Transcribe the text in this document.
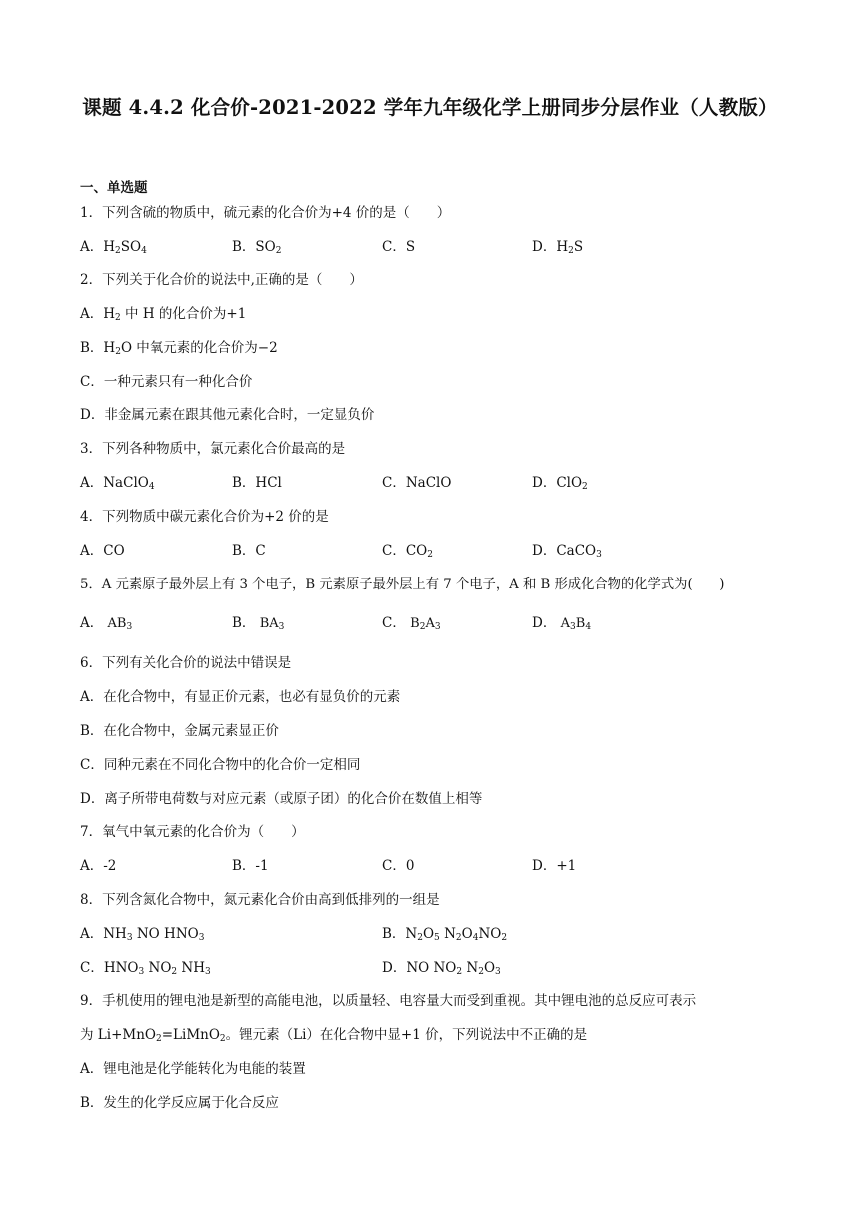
课题 4.4.2 化合价-2021-2022 学年九年级化学上册同步分层作业（人教版）
一、单选题
1．下列含硫的物质中，硫元素的化合价为+4 价的是（　　）
A．$H_2SO_4$	B．$SO_2$	C．S	D．$H_2S$
2．下列关于化合价的说法中,正确的是（　　）
A．$H_2$ 中 H 的化合价为+1
B．$H_2O$ 中氧元素的化合价为−2
C．一种元素只有一种化合价
D．非金属元素在跟其他元素化合时，一定显负价
3．下列各种物质中，氯元素化合价最高的是
A．NaClO$_4$	B．HCl	C．NaClO	D．ClO$_2$
4．下列物质中碳元素化合价为+2 价的是
A．CO	B．C	C．$CO_2$	D．CaCO$_3$
5．A 元素原子最外层上有 3 个电子，B 元素原子最外层上有 7 个电子，A 和 B 形成化合物的化学式为(　　)
A． $AB_3$	B． $BA_3$	C． $B_2A_3$	D． $A_3B_4$
6．下列有关化合价的说法中错误是
A．在化合物中，有显正价元素，也必有显负价的元素
B．在化合物中，金属元素显正价
C．同种元素在不同化合物中的化合价一定相同
D．离子所带电荷数与对应元素（或原子团）的化合价在数值上相等
7．氧气中氧元素的化合价为（　　）
A．-2	B．-1	C．0	D．+1
8．下列含氮化合物中，氮元素化合价由高到低排列的一组是
A．$NH_3$ NO $HNO_3$	B．$N_2O_5$ $N_2O_4NO_2$
C．$HNO_3$ $NO_2$ $NH_3$	D．NO $NO_2$ $N_2O_3$
9．手机使用的锂电池是新型的高能电池，以质量轻、电容量大而受到重视。其中锂电池的总反应可表示
为 Li+MnO$_2$=LiMnO$_2$。锂元素（Li）在化合物中显+1 价，下列说法中不正确的是
A．锂电池是化学能转化为电能的装置
B．发生的化学反应属于化合反应
